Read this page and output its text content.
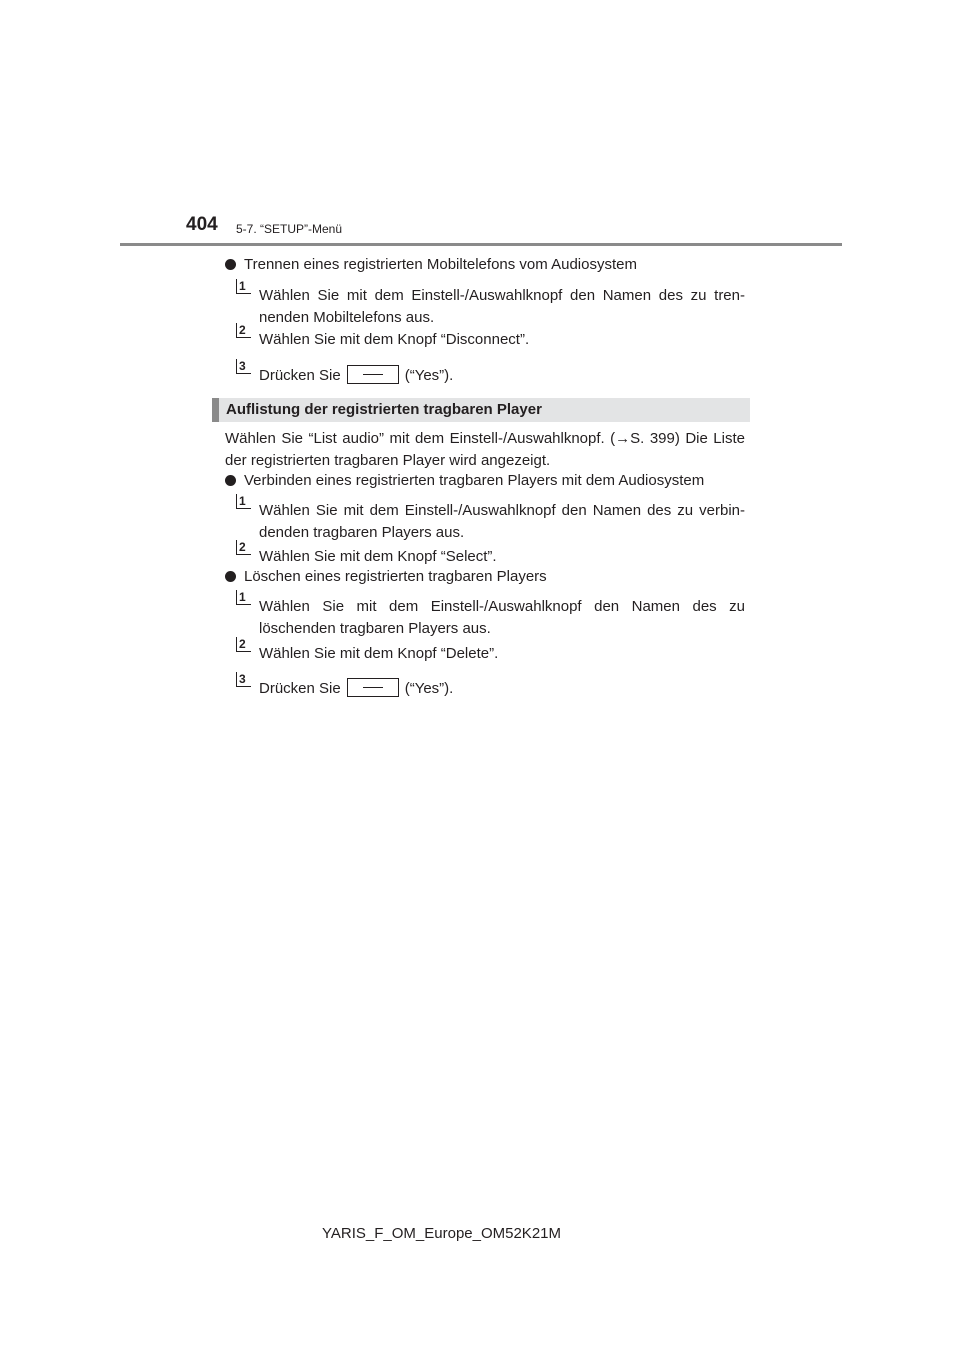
404 5-7. “SETUP”-Menü
Trennen eines registrierten Mobiltelefons vom Audiosystem
1
Wählen Sie mit dem Einstell-/Auswahlknopf den Namen des zu tren-nenden Mobiltelefons aus.
2
Wählen Sie mit dem Knopf “Disconnect”.
3
Drücken Sie	(“Yes”).
Auflistung der registrierten tragbaren Player
Wählen Sie “List audio” mit dem Einstell-/Auswahlknopf. (→S. 399) Die Liste der registrierten tragbaren Player wird angezeigt.
Verbinden eines registrierten tragbaren Players mit dem Audiosystem
1
Wählen Sie mit dem Einstell-/Auswahlknopf den Namen des zu verbin-denden tragbaren Players aus.
2
Wählen Sie mit dem Knopf “Select”.
Löschen eines registrierten tragbaren Players
1
Wählen Sie mit dem Einstell-/Auswahlknopf den Namen des zu löschenden tragbaren Players aus.
2
Wählen Sie mit dem Knopf “Delete”.
3
Drücken Sie	(“Yes”).
YARIS_F_OM_Europe_OM52K21M
